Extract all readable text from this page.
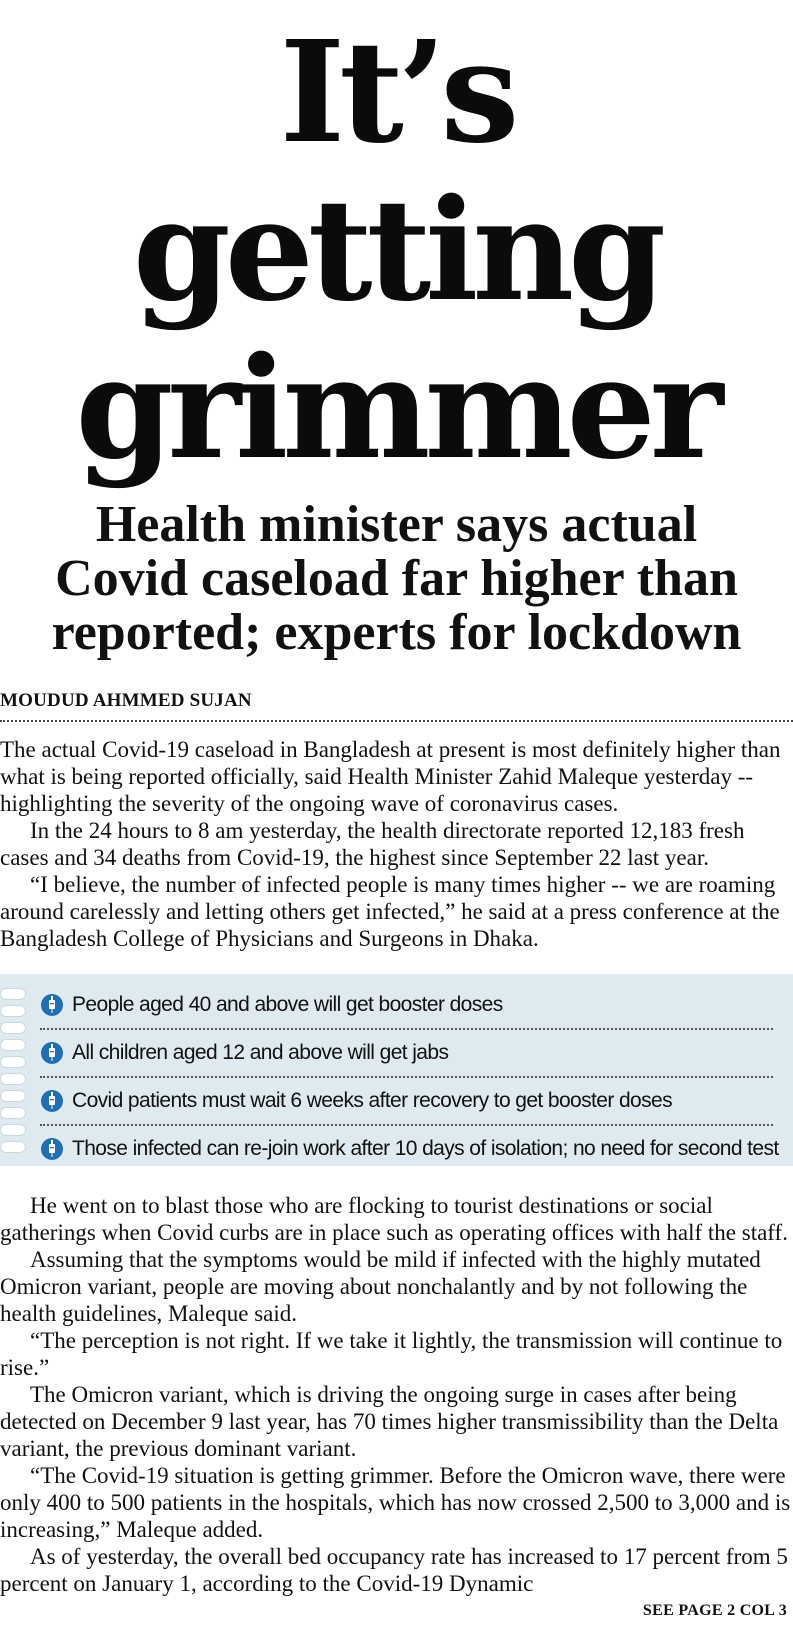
It’s getting
grimmer
Health minister says actual
Covid caseload far higher than
reported; experts for lockdown
MOUDUD AHMMED SUJAN

The actual Covid-19 caseload in Bangladesh at present is most definitely higher than what is being reported officially, said Health Minister Zahid Maleque yesterday -- highlighting the severity of the ongoing wave of coronavirus cases.

In the 24 hours to 8 am yesterday, the health directorate reported 12,183 fresh cases and 34 deaths from Covid-19, the highest since September 22 last year.

“I believe, the number of infected people is many times higher -- we are roaming around carelessly and letting others get infected,” he said at a press conference at the Bangladesh College of Physicians and Surgeons in Dhaka.

People aged 40 and above will get booster doses
All children aged 12 and above will get jabs
Covid patients must wait 6 weeks after recovery to get booster doses
Those infected can re-join work after 10 days of isolation; no need for second test

He went on to blast those who are flocking to tourist destinations or social gatherings when Covid curbs are in place such as operating offices with half the staff.

Assuming that the symptoms would be mild if infected with the highly mutated Omicron variant, people are moving about nonchalantly and by not following the health guidelines, Maleque said.

“The perception is not right. If we take it lightly, the transmission will continue to rise.”

The Omicron variant, which is driving the ongoing surge in cases after being detected on December 9 last year, has 70 times higher transmissibility than the Delta variant, the previous dominant variant.

“The Covid-19 situation is getting grimmer. Before the Omicron wave, there were only 400 to 500 patients in the hospitals, which has now crossed 2,500 to 3,000 and is increasing,” Maleque added.

As of yesterday, the overall bed occupancy rate has increased to 17 percent from 5 percent on January 1, according to the Covid-19 Dynamic

SEE PAGE 2 COL 3
